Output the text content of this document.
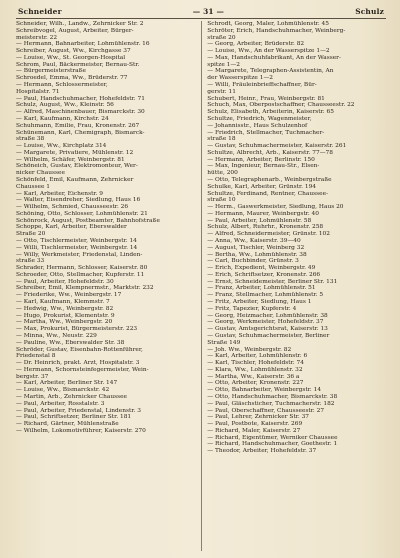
Schneider	— 31 —	Schulz

Schneider, Wilh., Landw., Zehrnicker Str. 2

Schreibvogel, August, Arbeiter, Bürger-

meisterstr. 22

— Hermann, Bahnarbeiter, Lohmühlenstr. 16

Schreiber, August, Ww., Kirchgasse 37

— Louise, Ww., St. Georgen-Hospital

Schrom, Paul, Bäckermeister, Bernau-Str.

— Bürgermeisterstraße

Schroedel, Emma, Ww., Brüderstr. 77

— Hermann, Schlossermeister,

Hospitalstr. 71

— Paul, Handschuhmacher, Hohefeldstr. 71

Schulz, August, Ww., Kleinstr. 56

— Alfred, Maschinenbauer, Bismarckstr. 30

— Karl, Kaufmann, Kirchstr. 24

Schuhmann, Emilie, Frau, Kronenstr. 267

Schünemann, Karl, Chemigraph, Bismarck-

straße 38

— Louise, Ww., Kirchplatz 314

— Margarete, Privatiere, Mühlenstr. 12

— Wilhelm, Schäfer, Weinbergstr. 81

Schöneich, Gustav, Elektromonteur, Wer-

nicker Chaussee

Schönfeld, Emil, Kaufmann, Zehrnicker

Chaussee 1

— Karl, Arbeiter, Eichenstr. 9

— Walter, Eisendreher, Siedlung, Haus 16

— Wilhelm, Schmied, Chausseestr. 26

Schöning, Otto, Schlosser, Lohmühlenstr. 21

Schönrock, August, Postbeamter, Bahnhofstraße

Schoppe, Karl, Arbeiter, Eberswalder

Straße 20

— Otto, Tischlermeister, Weinbergstr. 14

— Willi, Tischlermeister, Weinbergstr. 14

— Willy, Werkmeister, Friedenstal, Linden-

straße 33

Schrader, Hermann, Schlosser, Kaiserstr. 80

Schroeder, Otto, Stellmacher, Kupferstr. 11

— Paul, Arbeiter, Hohefeldstr. 30

Schreiber, Emil, Klempnermstr., Marktstr. 232

— Friederike, Ww., Weinbergstr. 17

— Karl, Kaufmann, Klemmstr. 7

— Hedwig, Ww., Weinbergstr. 82

— Hugo, Prokurist, Klementstr. 9

— Martha, Ww., Weinbergstr. 20

— Max, Prokurist, Bürgermeisterstr. 223

— Minna, Ww., Neustr. 229

— Pauline, Ww., Eberswalder Str. 38

Schröder, Gustav, Eisenbahn-Rottenführer,

Friedenstal 8

— Dr. Heinrich, prakt. Arzt, Hospitalstr. 3

— Hermann, Schornsteinfegermeister, Wein-

bergstr. 37

— Karl, Arbeiter, Berliner Str. 147

— Louise, Ww., Bismarckstr. 42

— Martin, Arb., Zehrnicker Chaussee

— Paul, Arbeiter, Rosstalstr. 3

— Paul, Arbeiter, Friedenstal, Lindenstr. 3

— Paul, Schriftsetzer, Berliner Str. 181

— Richard, Gärtner, Mühlenstraße

— Wilhelm, Lokomotivführer, Kaiserstr. 270

Schrodt, Georg, Maler, Lohmühlenstr. 45

Schröter, Erich, Handschuhmacher, Weinberg-

straße 20

— Georg, Arbeiter, Brüderstr. 82

— Louise, Ww., An der Wasserspitze 1—2

— Max, Handschuhfabrikant, An der Wasser-

spitze 1—2

— Margarete, Telegraphen-Assistentin, An

der Wasserspitze 1—2

— Willi, Fräuleinbrieffschaffner, Bür-

gerstr. 11

Schubert, Heinr., Frau, Weinbergstr. 81

Schuch, Max, Oberpostschaffner, Chausseestr. 22

Schulz, Elisabeth, Arbeiterin, Kaiserstr. 65

Schultze, Friedrich, Wagenmeister,

— Johannisstr., Haus Schulzenhof

— Friedrich, Stellmacher, Tuchmacher-

straße 18

— Gustav, Schuhmachermeister, Kaiserstr. 261

Schultze, Albrecht, Arb., Kaiserstr. 77—78

— Hermann, Arbeiter, Berlinstr. 150

— Max, Ingenieur, Bernau-Str., Elsen-

hütte, 200

— Otto, Telegraphenarb., Weinbergstraße

Schulke, Karl, Arbeiter, Grünstr. 194

Schultze, Ferdinand, Rentner, Chaussee-

straße 10

— Herm., Gaswerkmeister, Siedlung, Haus 20

— Hermann, Maurer, Weinbergstr. 40

— Paul, Arbeiter, Lohmühlenstr. 58

Schulz, Albert, Ruhrhr., Kronenstr. 258

— Alfred, Schneidermeister, Grünstr. 102

— Anna, Ww., Kaiserstr. 39—40

— August, Tischler, Weinberg 32

— Bertha, Ww., Lohmühlenstr. 38

— Carl, Buchbinder, Grünstr. 3

— Erich, Expedient, Weinbergstr. 49

— Erich, Schriftsetzer, Kronenstr. 266

— Ernst, Schneidemeister, Berliner Str. 131

— Franz, Arbeiter, Lohmühlenstr. 51

— Franz, Stellmacher, Lohmühlenstr. 5

— Fritz, Arbeiter, Siedlung, Haus 1

— Fritz, Tapezier, Kupferstr. 4

— Georg, Heizmacher, Lohmühlenstr. 38

— Georg, Werkmeister, Hohefeldstr. 37

— Gustav, Amtsgerichtsrat, Kaiserstr. 13

— Gustav, Schuhmachermeister, Berliner

Straße 149

— Joh. Ww., Weinbergstr. 82

— Karl, Arbeiter, Lohmühlenstr. 6

— Karl, Tischler, Hohefeldstr. 74

— Klara, Ww., Lohmühlenstr. 32

— Martha, Ww., Kaiserstr. 36 a

— Otto, Arbeiter, Kronenstr. 227

— Otto, Bahnarbeiter, Weinbergstr. 14

— Otto, Handschuhmacher, Bismarckstr. 38

— Paul, Gläschsticher, Tuchmacherstr. 182

— Paul, Oberschaffner, Chausseestr. 27

— Paul, Lehrer, Zehrnicker Str. 37

— Paul, Postbote, Kaiserstr. 269

— Richard, Maler, Kaiserstr. 27

— Richard, Eigentümer, Werniker Chaussee

— Richard, Handschuhmacher, Goethestr. 1

— Theodor, Arbeiter, Hohefeldstr. 37
